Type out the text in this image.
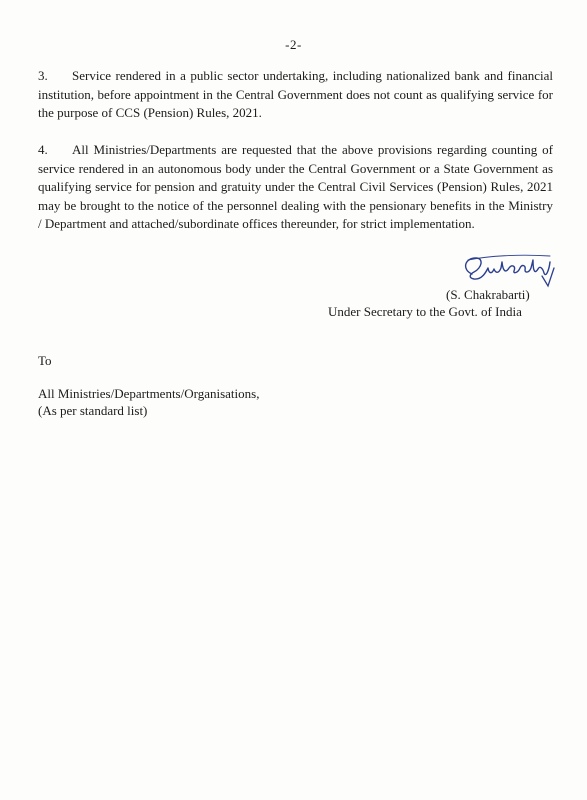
-2-

3. Service rendered in a public sector undertaking, including nationalized bank and financial institution, before appointment in the Central Government does not count as qualifying service for the purpose of CCS (Pension) Rules, 2021.

4. All Ministries/Departments are requested that the above provisions regarding counting of service rendered in an autonomous body under the Central Government or a State Government as qualifying service for pension and gratuity under the Central Civil Services (Pension) Rules, 2021 may be brought to the notice of the personnel dealing with the pensionary benefits in the Ministry / Department and attached/subordinate offices thereunder, for strict implementation.

(S. Chakrabarti)
Under Secretary to the Govt. of India
To
All Ministries/Departments/Organisations,
(As per standard list)
